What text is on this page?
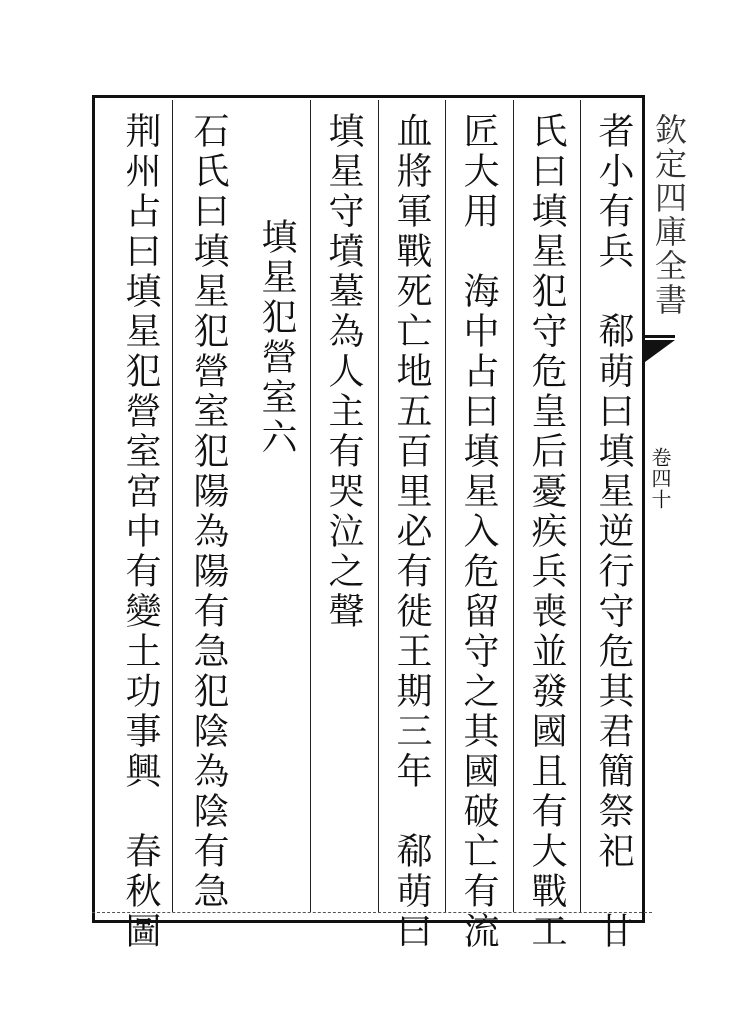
者小有兵　郗萌曰填星逆行守危其君簡祭祀　甘
氏曰填星犯守危皇后憂疾兵喪並發國且有大戰工
匠大用　海中占曰填星入危留守之其國破亡有流
血將軍戰死亡地五百里必有徙王期三年　郗萌曰
填星守墳墓為人主有哭泣之聲
填星犯營室六
石氏曰填星犯營室犯陽為陽有急犯陰為陰有急
荆州占曰填星犯營室宮中有變土功事興　春秋圖	欽定四庫全書
卷四十
